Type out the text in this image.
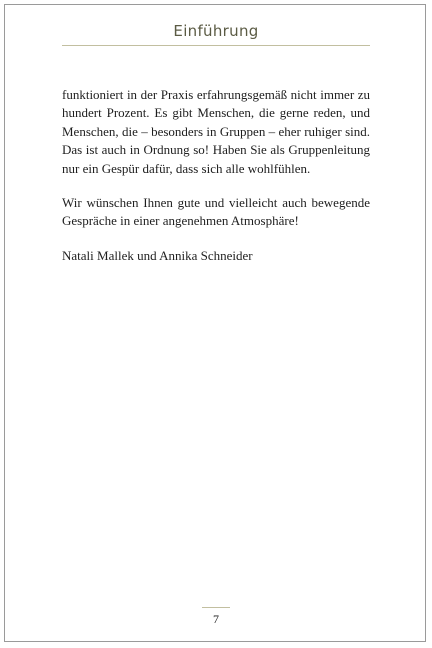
Einführung

funktioniert in der Praxis erfahrungsgemäß nicht immer zu
hundert Prozent. Es gibt Menschen, die gerne reden, und
Menschen, die – besonders in Gruppen – eher ruhiger sind.
Das ist auch in Ordnung so! Haben Sie als Gruppenleitung
nur ein Gespür dafür, dass sich alle wohlfühlen.

Wir wünschen Ihnen gute und vielleicht auch bewegende
Gespräche in einer angenehmen Atmosphäre!

Natali Mallek und Annika Schneider

7
